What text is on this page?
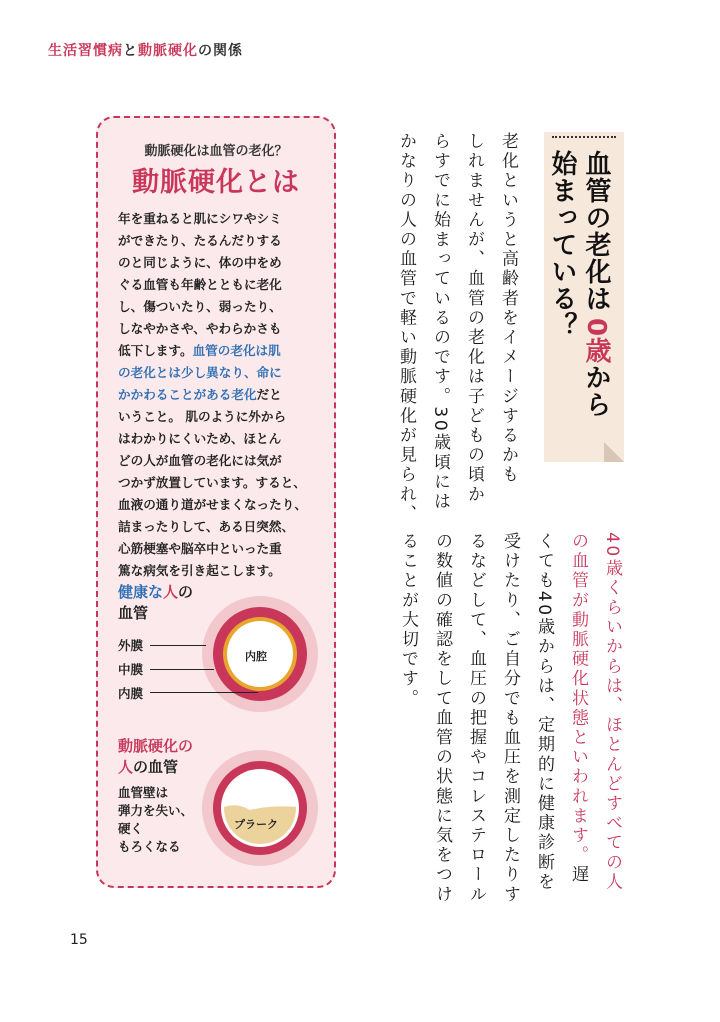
生活習慣病と動脈硬化の関係
動脈硬化は血管の老化？
動脈硬化とは
年を重ねると肌にシワやシミ
ができたり、たるんだりする
のと同じように、体の中をめ
ぐる血管も年齢とともに老化
し、傷ついたり、弱ったり、
しなやかさや、やわらかさも
低下します。血管の老化は肌
の老化とは少し異なり、命に
かかわることがある老化だと
いうこと。 肌のように外から
はわかりにくいため、ほとん
どの人が血管の老化には気が
つかず放置しています。すると、
血液の通り道がせまくなったり、
詰まったりして、ある日突然、
心筋梗塞や脳卒中といった重
篤な病気を引き起こします。
健康な人の
血管
内腔
外膜
中膜
内膜
動脈硬化の
人の血管
血管壁は
弾力を失い、
硬く
もろくなる
プラーク
血管の老化は
始まっている？ 0歳から
老化というと高齢者をイメージするかも
しれませんが、血管の老化は子どもの頃か
らすでに始まっているのです。30歳頃には
かなりの人の血管で軽い動脈硬化が見られ、
40歳くらいからは、ほとんどすべての人
の血管が動脈硬化状態といわれます。遅
くても40歳からは、定期的に健康診断を
受けたり、ご自分でも血圧を測定したりす
るなどして、血圧の把握やコレステロール
の数値の確認をして血管の状態に気をつけ
ることが大切です。
15
